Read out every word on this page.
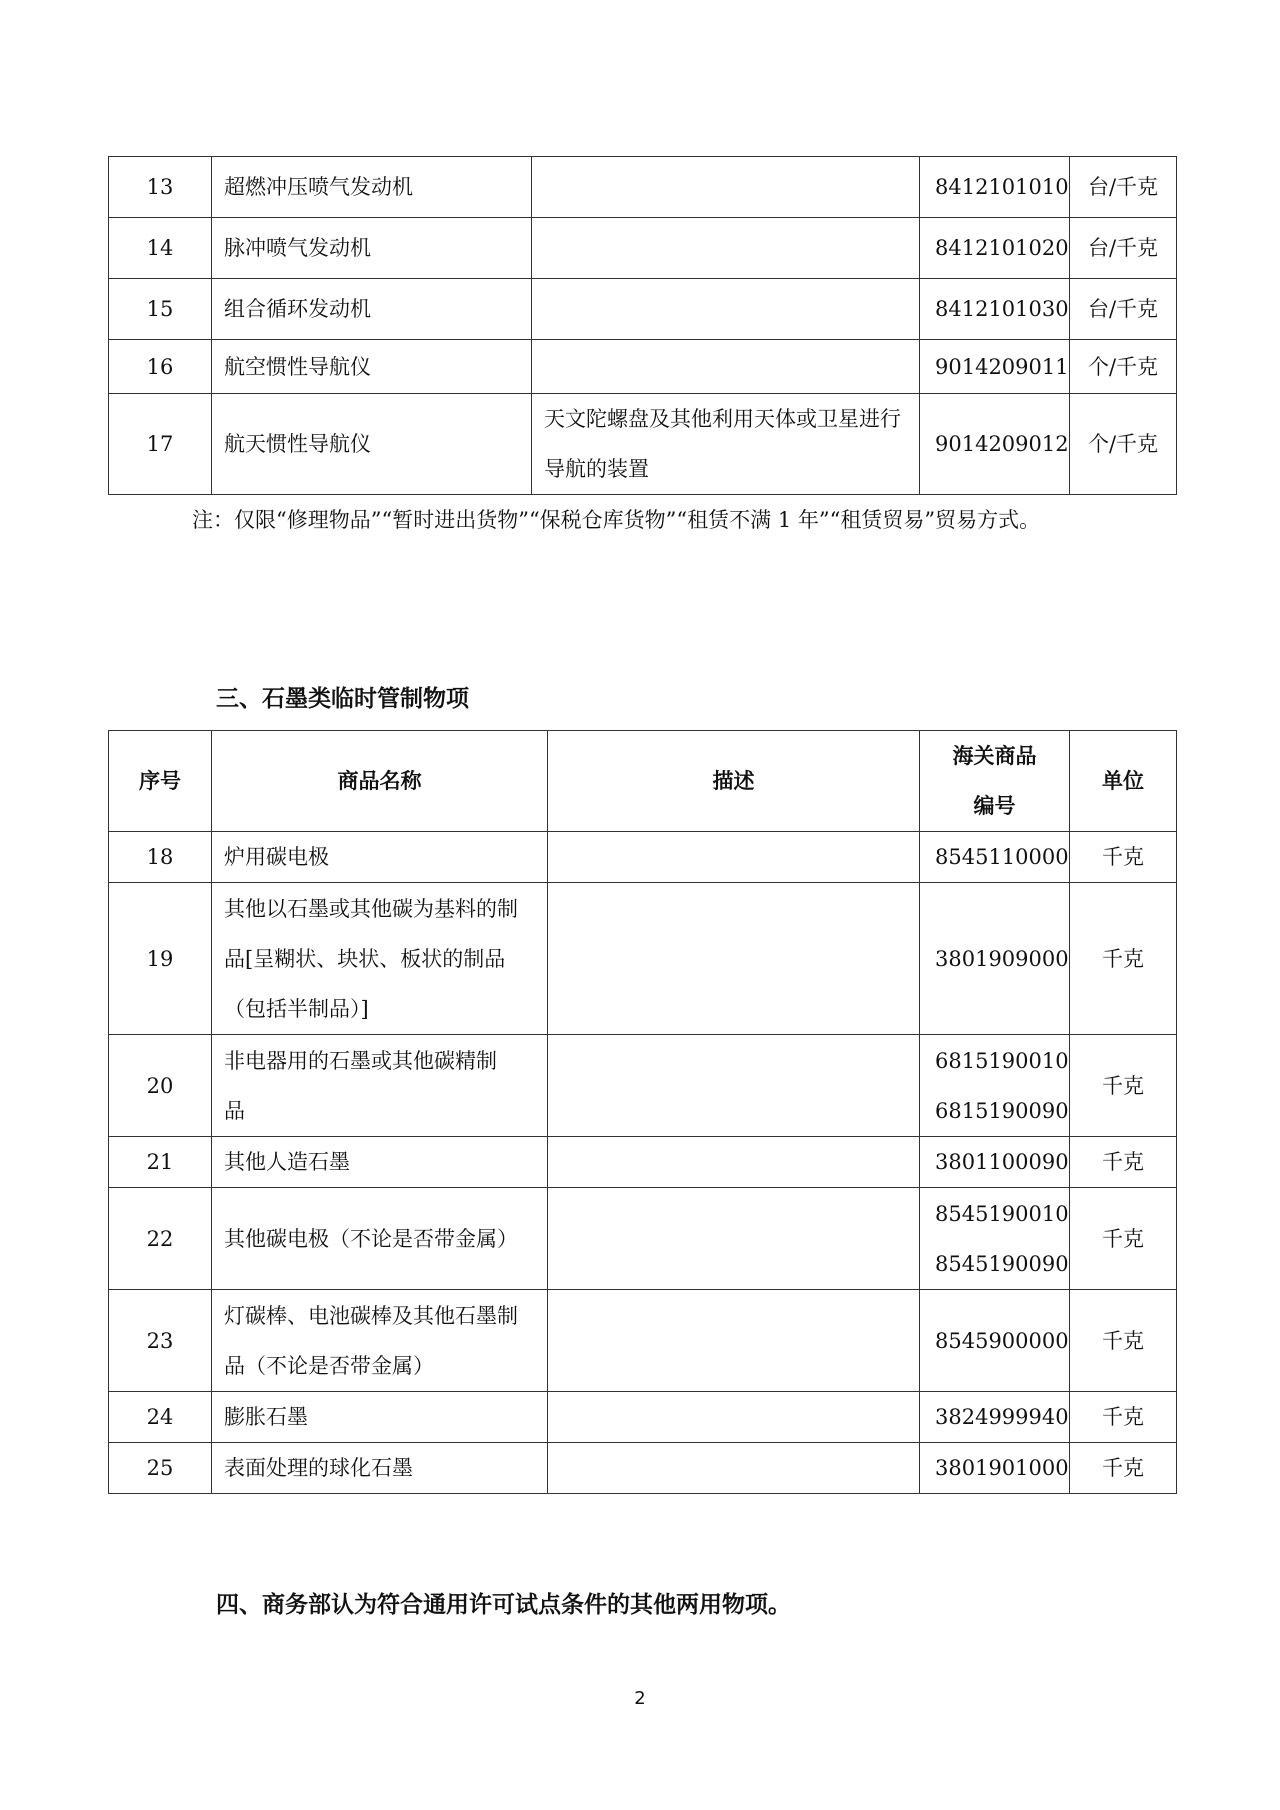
13	超燃冲压喷气发动机		8412101010	台/千克
14	脉冲喷气发动机		8412101020	台/千克
15	组合循环发动机		8412101030	台/千克
16	航空惯性导航仪		9014209011	个/千克
17	航天惯性导航仪	天文陀螺盘及其他利用天体或卫星进行导航的装置	9014209012	个/千克

注：仅限“修理物品”“暂时进出货物”“保税仓库货物”“租赁不满 1 年”“租赁贸易”贸易方式。

三、石墨类临时管制物项
序号	商品名称	描述	海关商品编号	单位
18	炉用碳电极		8545110000	千克
19	其他以石墨或其他碳为基料的制品[呈糊状、块状、板状的制品（包括半制品）]		3801909000	千克
20	非电器用的石墨或其他碳精制品		6815190010
6815190090	千克
21	其他人造石墨		3801100090	千克
22	其他碳电极（不论是否带金属）		8545190010
8545190090	千克
23	灯碳棒、电池碳棒及其他石墨制品（不论是否带金属）		8545900000	千克
24	膨胀石墨		3824999940	千克
25	表面处理的球化石墨		3801901000	千克
四、商务部认为符合通用许可试点条件的其他两用物项。
2
